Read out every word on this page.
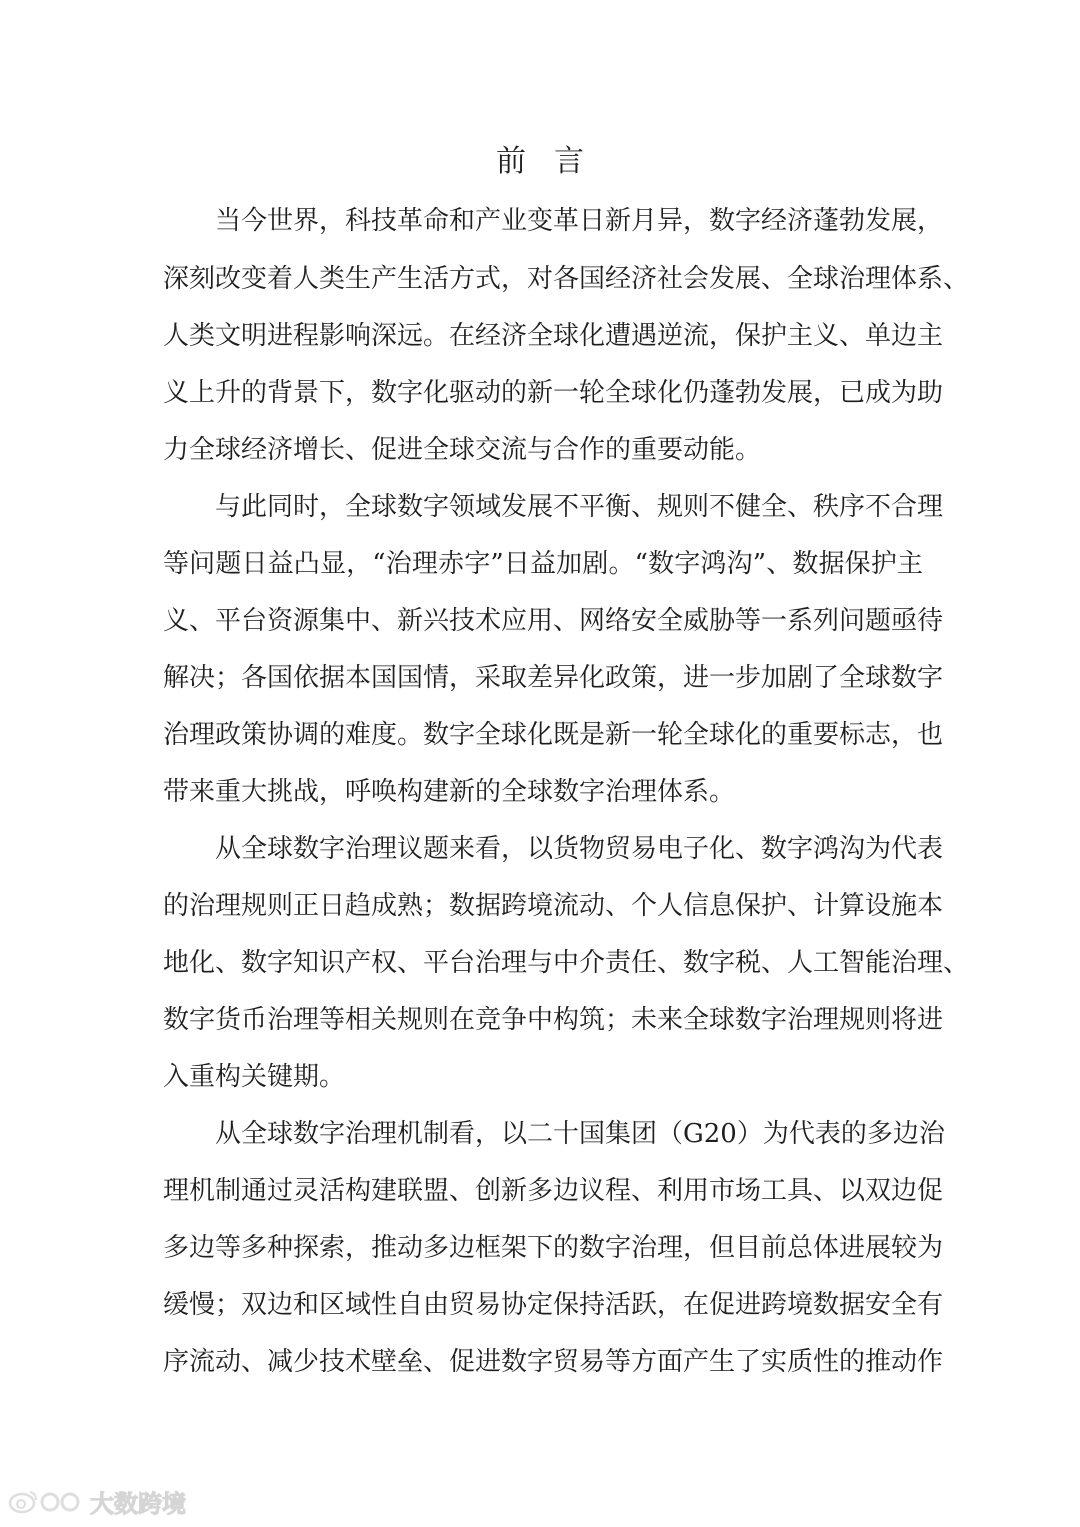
前言

当今世界，科技革命和产业变革日新月异，数字经济蓬勃发展，

深刻改变着人类生产生活方式，对各国经济社会发展、全球治理体系、

人类文明进程影响深远。在经济全球化遭遇逆流，保护主义、单边主

义上升的背景下，数字化驱动的新一轮全球化仍蓬勃发展，已成为助

力全球经济增长、促进全球交流与合作的重要动能。

与此同时，全球数字领域发展不平衡、规则不健全、秩序不合理

等问题日益凸显，“治理赤字”日益加剧。“数字鸿沟”、数据保护主

义、平台资源集中、新兴技术应用、网络安全威胁等一系列问题亟待

解决；各国依据本国国情，采取差异化政策，进一步加剧了全球数字

治理政策协调的难度。数字全球化既是新一轮全球化的重要标志，也

带来重大挑战，呼唤构建新的全球数字治理体系。

从全球数字治理议题来看，以货物贸易电子化、数字鸿沟为代表

的治理规则正日趋成熟；数据跨境流动、个人信息保护、计算设施本

地化、数字知识产权、平台治理与中介责任、数字税、人工智能治理、

数字货币治理等相关规则在竞争中构筑；未来全球数字治理规则将进

入重构关键期。

从全球数字治理机制看，以二十国集团（G20）为代表的多边治

理机制通过灵活构建联盟、创新多边议程、利用市场工具、以双边促

多边等多种探索，推动多边框架下的数字治理，但目前总体进展较为

缓慢；双边和区域性自由贸易协定保持活跃，在促进跨境数据安全有

序流动、减少技术壁垒、促进数字贸易等方面产生了实质性的推动作

大数跨境
